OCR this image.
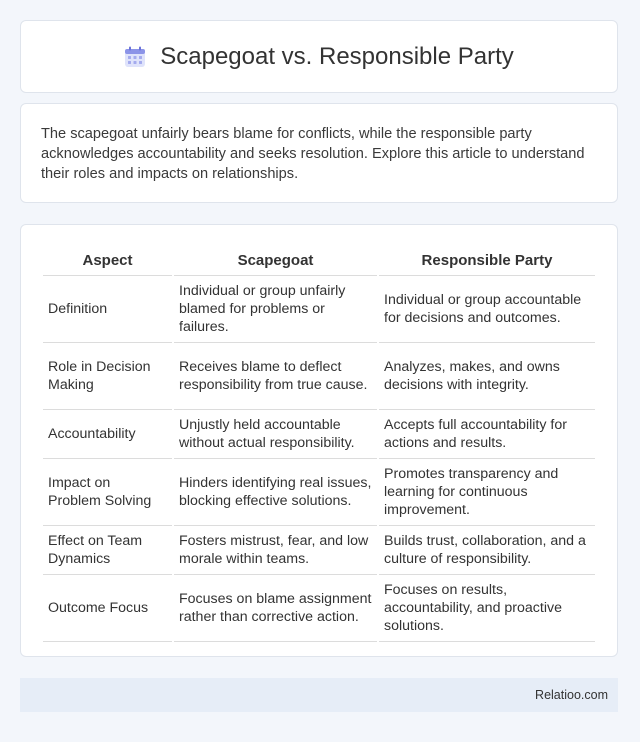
Scapegoat vs. Responsible Party

The scapegoat unfairly bears blame for conflicts, while the responsible party acknowledges accountability and seeks resolution. Explore this article to understand their roles and impacts on relationships.

Aspect	Scapegoat	Responsible Party
Definition	Individual or group unfairly blamed for problems or failures.	Individual or group accountable for decisions and outcomes.
Role in Decision Making	Receives blame to deflect responsibility from true cause.	Analyzes, makes, and owns decisions with integrity.
Accountability	Unjustly held accountable without actual responsibility.	Accepts full accountability for actions and results.
Impact on Problem Solving	Hinders identifying real issues, blocking effective solutions.	Promotes transparency and learning for continuous improvement.
Effect on Team Dynamics	Fosters mistrust, fear, and low morale within teams.	Builds trust, collaboration, and a culture of responsibility.
Outcome Focus	Focuses on blame assignment rather than corrective action.	Focuses on results, accountability, and proactive solutions.
Relatioo.com
